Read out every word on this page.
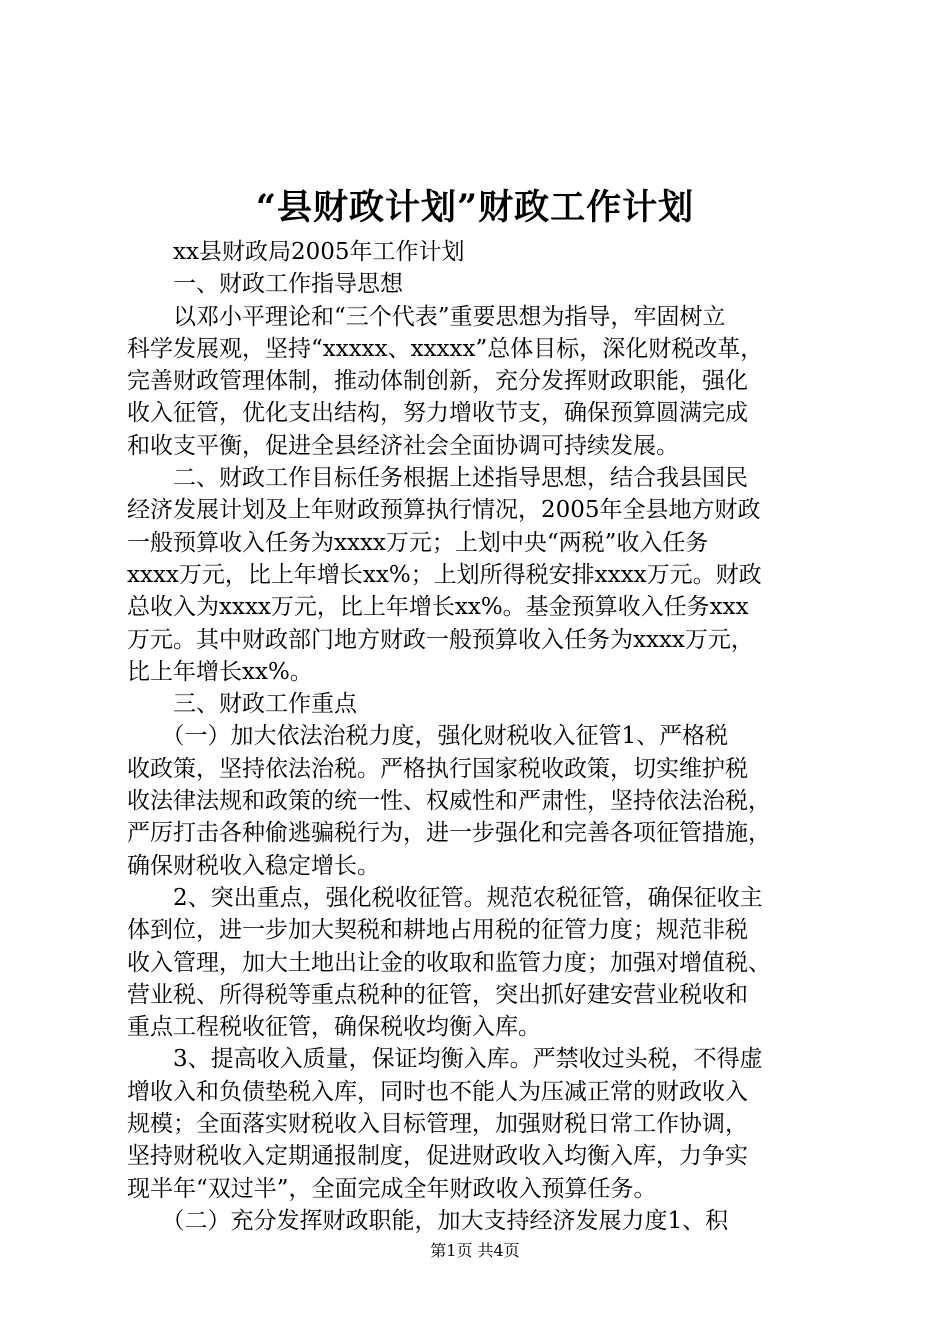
“县财政计划”财政工作计划
　　xx县财政局2005年工作计划
　　一、财政工作指导思想
　　以邓小平理论和“三个代表”重要思想为指导，牢固树立
科学发展观，坚持“xxxxx、xxxxx”总体目标，深化财税改革，
完善财政管理体制，推动体制创新，充分发挥财政职能，强化
收入征管，优化支出结构，努力增收节支，确保预算圆满完成
和收支平衡，促进全县经济社会全面协调可持续发展。
　　二、财政工作目标任务根据上述指导思想，结合我县国民
经济发展计划及上年财政预算执行情况，2005年全县地方财政
一般预算收入任务为xxxx万元；上划中央“两税”收入任务
xxxx万元，比上年增长xx%；上划所得税安排xxxx万元。财政
总收入为xxxx万元，比上年增长xx%。基金预算收入任务xxx
万元。其中财政部门地方财政一般预算收入任务为xxxx万元，
比上年增长xx%。
　　三、财政工作重点
　　（一）加大依法治税力度，强化财税收入征管1、严格税
收政策，坚持依法治税。严格执行国家税收政策，切实维护税
收法律法规和政策的统一性、权威性和严肃性，坚持依法治税，
严厉打击各种偷逃骗税行为，进一步强化和完善各项征管措施，
确保财税收入稳定增长。
　　2、突出重点，强化税收征管。规范农税征管，确保征收主
体到位，进一步加大契税和耕地占用税的征管力度；规范非税
收入管理，加大土地出让金的收取和监管力度；加强对增值税、
营业税、所得税等重点税种的征管，突出抓好建安营业税收和
重点工程税收征管，确保税收均衡入库。
　　3、提高收入质量，保证均衡入库。严禁收过头税，不得虚
增收入和负债垫税入库，同时也不能人为压减正常的财政收入
规模；全面落实财税收入目标管理，加强财税日常工作协调，
坚持财税收入定期通报制度，促进财政收入均衡入库，力争实
现半年“双过半”，全面完成全年财政收入预算任务。
　　（二）充分发挥财政职能，加大支持经济发展力度1、积
第1页 共4页
